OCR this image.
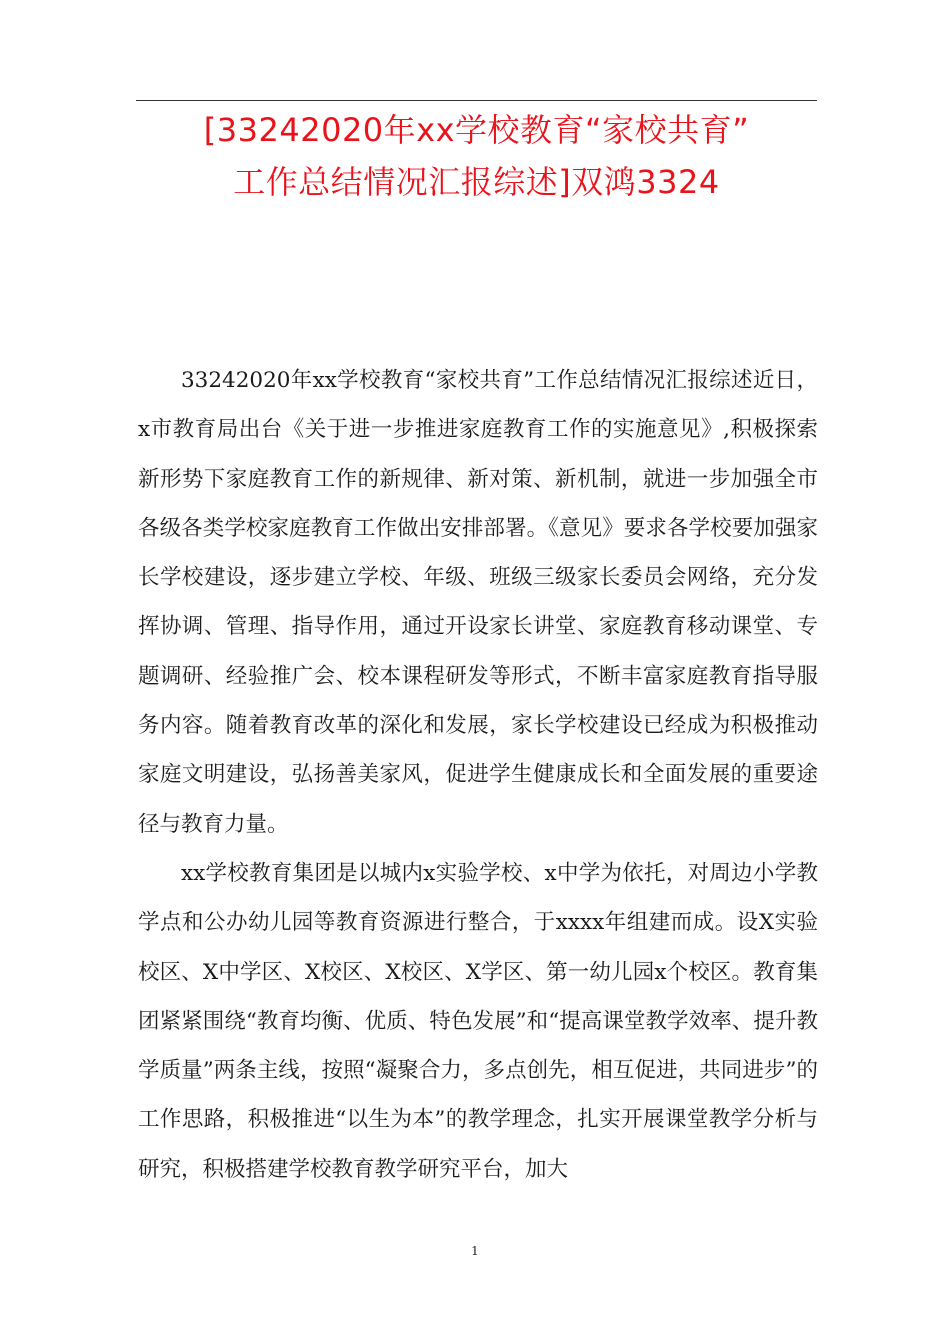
[33242020年xx学校教育“家校共育”
工作总结情况汇报综述]双鸿3324

33242020年xx学校教育“家校共育”工作总结情况汇报综述近日，x市教育局出台《关于进一步推进家庭教育工作的实施意见》,积极探索新形势下家庭教育工作的新规律、新对策、新机制，就进一步加强全市各级各类学校家庭教育工作做出安排部署。《意见》要求各学校要加强家长学校建设，逐步建立学校、年级、班级三级家长委员会网络，充分发挥协调、管理、指导作用，通过开设家长讲堂、家庭教育移动课堂、专题调研、经验推广会、校本课程研发等形式，不断丰富家庭教育指导服务内容。随着教育改革的深化和发展，家长学校建设已经成为积极推动家庭文明建设，弘扬善美家风，促进学生健康成长和全面发展的重要途径与教育力量。

xx学校教育集团是以城内x实验学校、x中学为依托，对周边小学教学点和公办幼儿园等教育资源进行整合，于xxxx年组建而成。设X实验校区、X中学区、X校区、X校区、X学区、第一幼儿园x个校区。教育集团紧紧围绕“教育均衡、优质、特色发展”和“提高课堂教学效率、提升教学质量”两条主线，按照“凝聚合力，多点创先，相互促进，共同进步”的工作思路，积极推进“以生为本”的教学理念，扎实开展课堂教学分析与研究，积极搭建学校教育教学研究平台，加大

1
